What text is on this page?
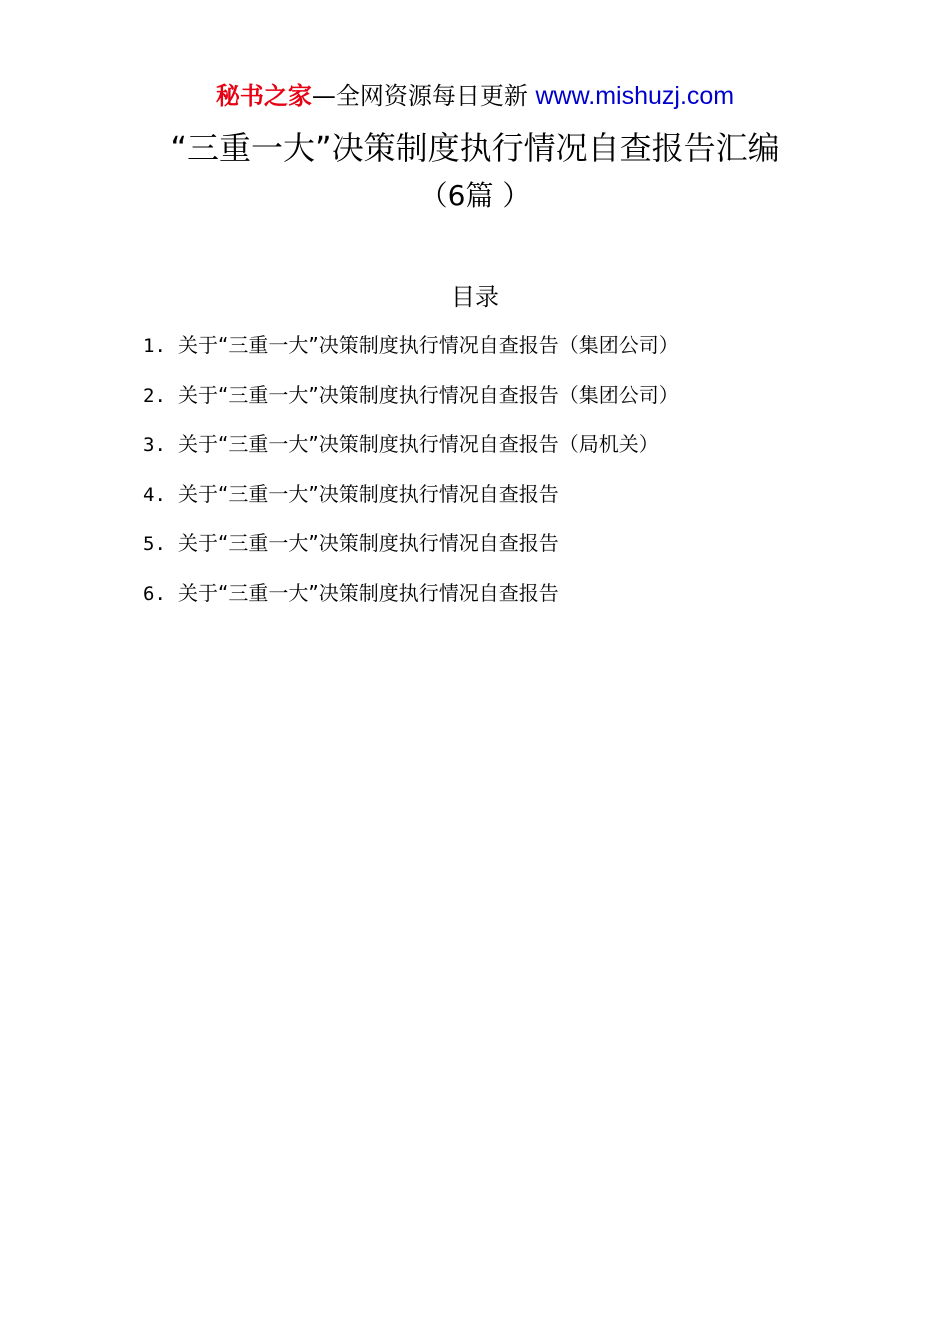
秘书之家—全网资源每日更新 www.mishuzj.com
“三重一大”决策制度执行情况自查报告汇编
（6篇 ）
目录
1. 关于“三重一大”决策制度执行情况自查报告（集团公司）
2. 关于“三重一大”决策制度执行情况自查报告（集团公司）
3. 关于“三重一大”决策制度执行情况自查报告（局机关）
4. 关于“三重一大”决策制度执行情况自查报告
5. 关于“三重一大”决策制度执行情况自查报告
6. 关于“三重一大”决策制度执行情况自查报告
